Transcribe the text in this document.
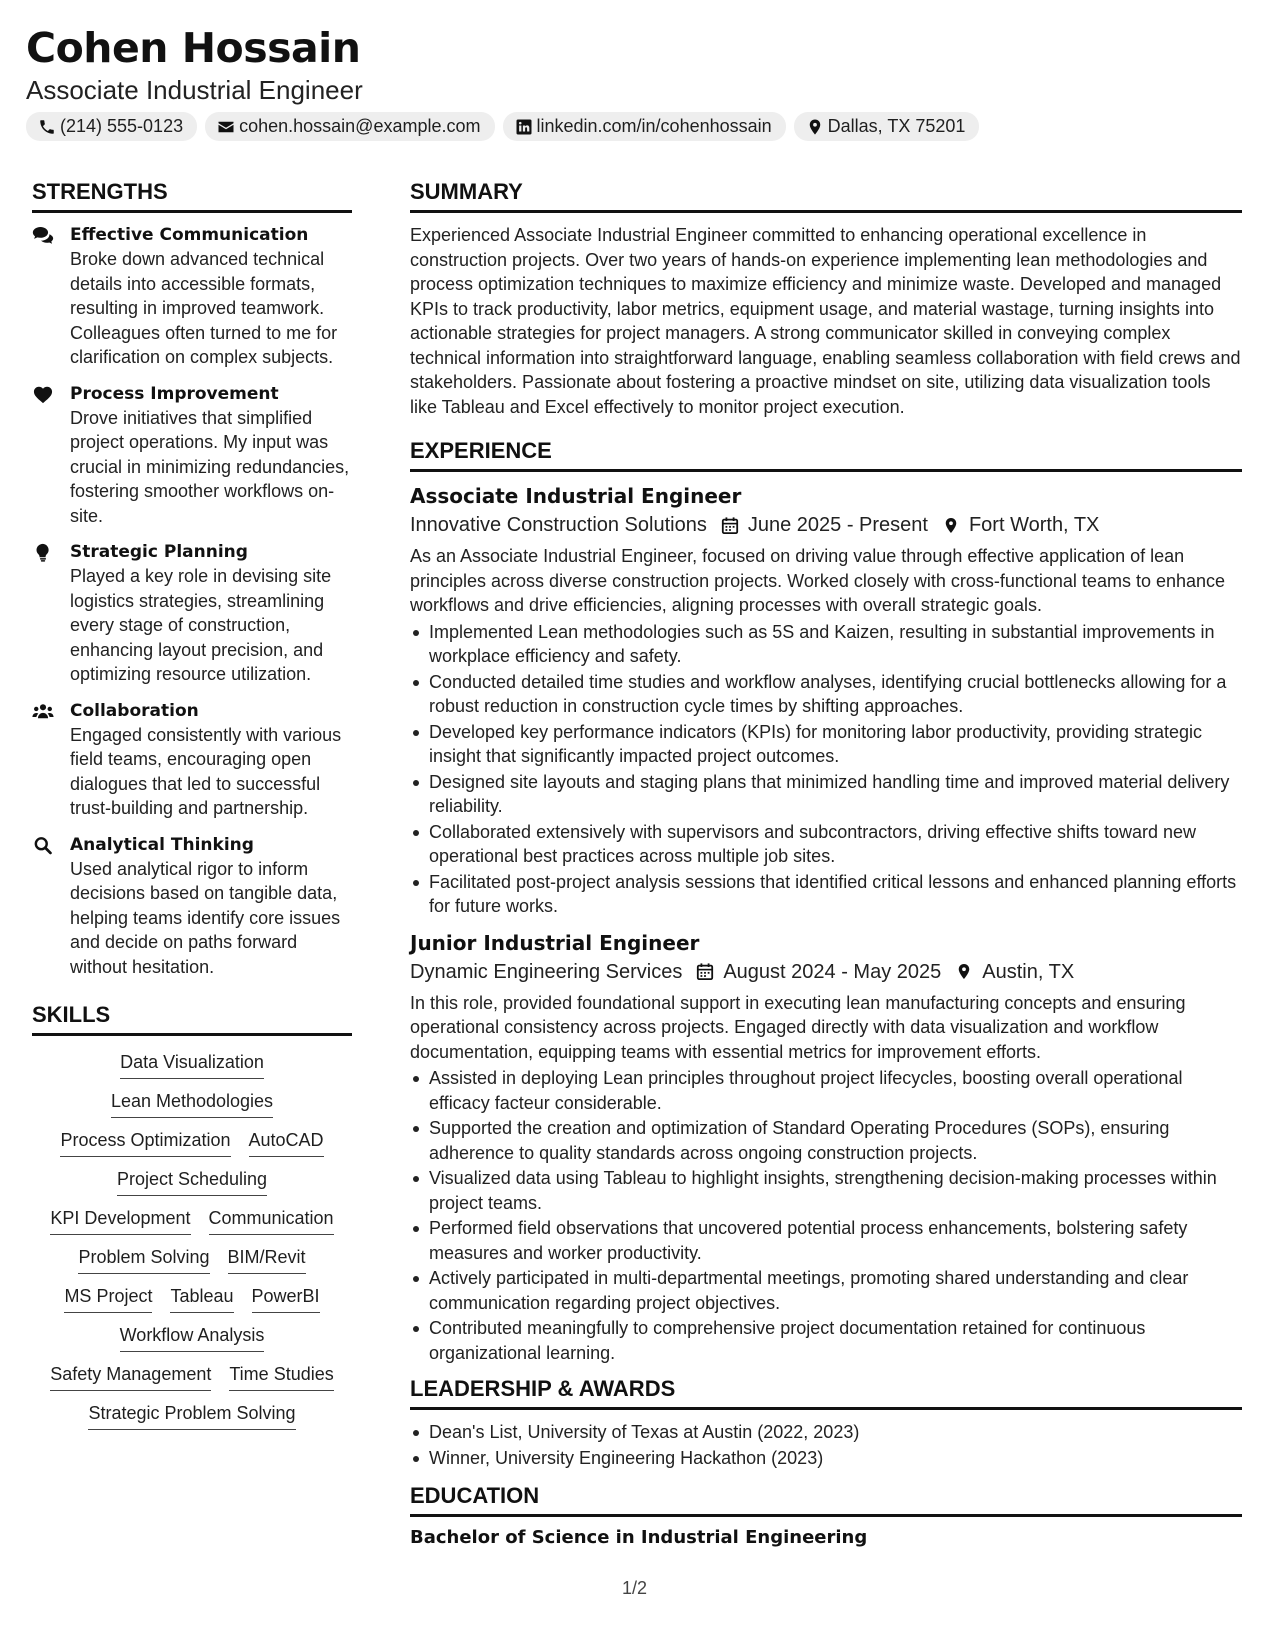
Cohen Hossain
Associate Industrial Engineer
(214) 555-0123	cohen.hossain@example.com	linkedin.com/in/cohenhossain	Dallas, TX 75201
STRENGTHS
Effective Communication
Broke down advanced technical details into accessible formats, resulting in improved teamwork. Colleagues often turned to me for clarification on complex subjects.
Process Improvement
Drove initiatives that simplified project operations. My input was crucial in minimizing redundancies, fostering smoother workflows on-site.
Strategic Planning
Played a key role in devising site logistics strategies, streamlining every stage of construction, enhancing layout precision, and optimizing resource utilization.
Collaboration
Engaged consistently with various field teams, encouraging open dialogues that led to successful trust-building and partnership.
Analytical Thinking
Used analytical rigor to inform decisions based on tangible data, helping teams identify core issues and decide on paths forward without hesitation.
SKILLS
Data Visualization
Lean Methodologies
Process Optimization AutoCAD
Project Scheduling
KPI Development Communication
Problem Solving BIM/Revit
MS Project Tableau PowerBI
Workflow Analysis
Safety Management Time Studies
Strategic Problem Solving
SUMMARY
Experienced Associate Industrial Engineer committed to enhancing operational excellence in construction projects. Over two years of hands-on experience implementing lean methodologies and process optimization techniques to maximize efficiency and minimize waste. Developed and managed KPIs to track productivity, labor metrics, equipment usage, and material wastage, turning insights into actionable strategies for project managers. A strong communicator skilled in conveying complex technical information into straightforward language, enabling seamless collaboration with field crews and stakeholders. Passionate about fostering a proactive mindset on site, utilizing data visualization tools like Tableau and Excel effectively to monitor project execution.
EXPERIENCE
Associate Industrial Engineer
Innovative Construction Solutions June 2025 - Present Fort Worth, TX
As an Associate Industrial Engineer, focused on driving value through effective application of lean principles across diverse construction projects. Worked closely with cross-functional teams to enhance workflows and drive efficiencies, aligning processes with overall strategic goals.
Implemented Lean methodologies such as 5S and Kaizen, resulting in substantial improvements in workplace efficiency and safety.
Conducted detailed time studies and workflow analyses, identifying crucial bottlenecks allowing for a robust reduction in construction cycle times by shifting approaches.
Developed key performance indicators (KPIs) for monitoring labor productivity, providing strategic insight that significantly impacted project outcomes.
Designed site layouts and staging plans that minimized handling time and improved material delivery reliability.
Collaborated extensively with supervisors and subcontractors, driving effective shifts toward new operational best practices across multiple job sites.
Facilitated post-project analysis sessions that identified critical lessons and enhanced planning efforts for future works.
Junior Industrial Engineer
Dynamic Engineering Services August 2024 - May 2025 Austin, TX
In this role, provided foundational support in executing lean manufacturing concepts and ensuring operational consistency across projects. Engaged directly with data visualization and workflow documentation, equipping teams with essential metrics for improvement efforts.
Assisted in deploying Lean principles throughout project lifecycles, boosting overall operational efficacy facteur considerable.
Supported the creation and optimization of Standard Operating Procedures (SOPs), ensuring adherence to quality standards across ongoing construction projects.
Visualized data using Tableau to highlight insights, strengthening decision-making processes within project teams.
Performed field observations that uncovered potential process enhancements, bolstering safety measures and worker productivity.
Actively participated in multi-departmental meetings, promoting shared understanding and clear communication regarding project objectives.
Contributed meaningfully to comprehensive project documentation retained for continuous organizational learning.
LEADERSHIP & AWARDS
Dean's List, University of Texas at Austin (2022, 2023)
Winner, University Engineering Hackathon (2023)
EDUCATION
Bachelor of Science in Industrial Engineering
1/2
